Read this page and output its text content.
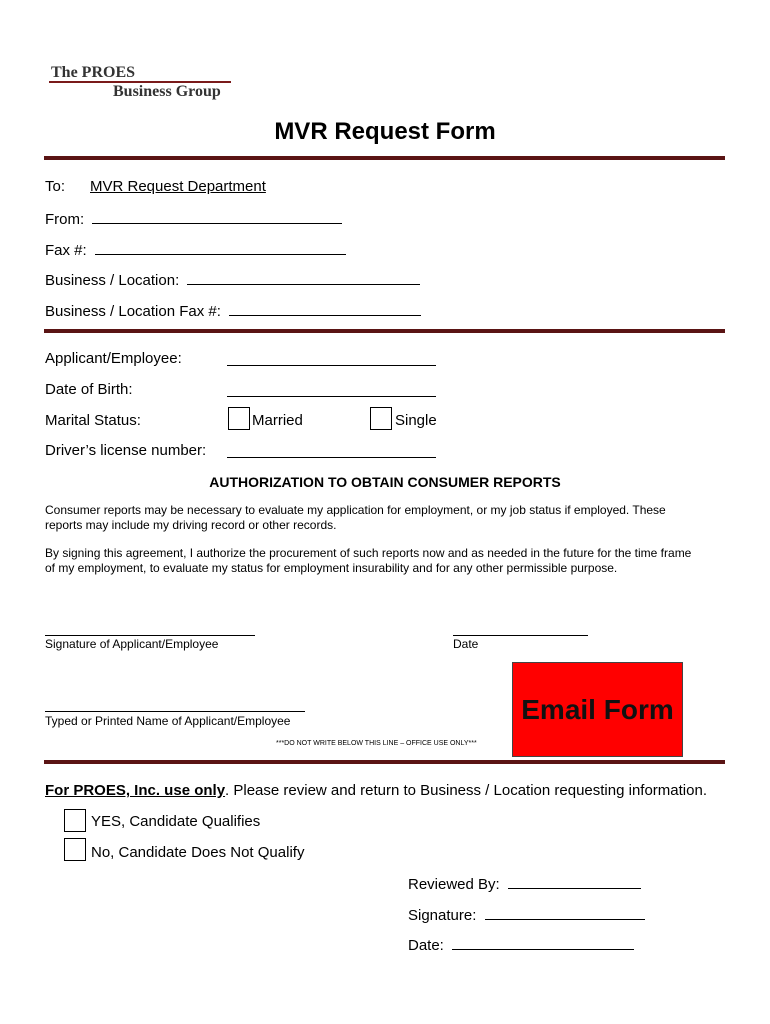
The PROES
Business Group
MVR Request Form
To: MVR Request Department
From:
Fax #:
Business / Location:
Business / Location Fax #:
Applicant/Employee:
Date of Birth:
Marital Status:	Married	Single
Driver’s license number:
AUTHORIZATION TO OBTAIN CONSUMER REPORTS
Consumer reports may be necessary to evaluate my application for employment, or my job status if employed. These
reports may include my driving record or other records.
By signing this agreement, I authorize the procurement of such reports now and as needed in the future for the time frame
of my employment, to evaluate my status for employment insurability and for any other permissible purpose.
Signature of Applicant/Employee	Date
Typed or Printed Name of Applicant/Employee
***DO NOT WRITE BELOW THIS LINE – OFFICE USE ONLY***
Email Form
For PROES, Inc. use only. Please review and return to Business / Location requesting information.
YES, Candidate Qualifies
No, Candidate Does Not Qualify
Reviewed By:
Signature:
Date:
